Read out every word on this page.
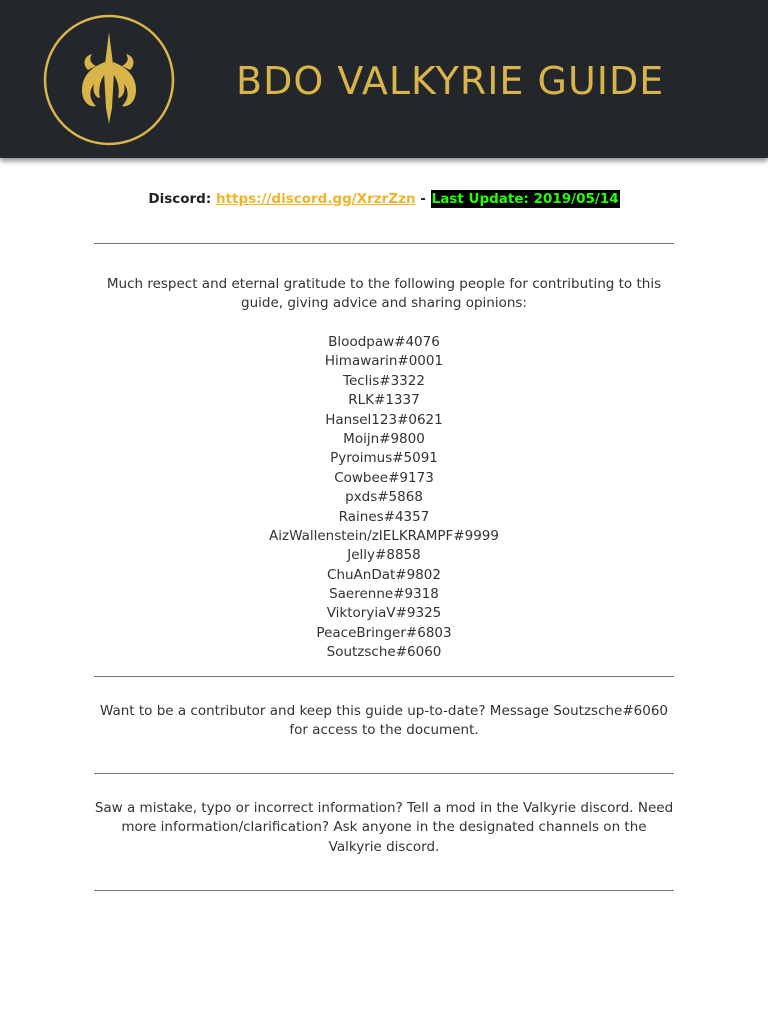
BDO VALKYRIE GUIDE
Discord: https://discord.gg/XrzrZzn - Last Update: 2019/05/14
Much respect and eternal gratitude to the following people for contributing to this guide, giving advice and sharing opinions:
Bloodpaw#4076
Himawarin#0001
Teclis#3322
RLK#1337
Hansel123#0621
Moijn#9800
Pyroimus#5091
Cowbee#9173
pxds#5868
Raines#4357
AizWallenstein/zIELKRAMPF#9999
Jelly#8858
ChuAnDat#9802
Saerenne#9318
ViktoryiaV#9325
PeaceBringer#6803
Soutzsche#6060
Want to be a contributor and keep this guide up-to-date? Message Soutzsche#6060 for access to the document.
Saw a mistake, typo or incorrect information? Tell a mod in the Valkyrie discord. Need more information/clarification? Ask anyone in the designated channels on the Valkyrie discord.
